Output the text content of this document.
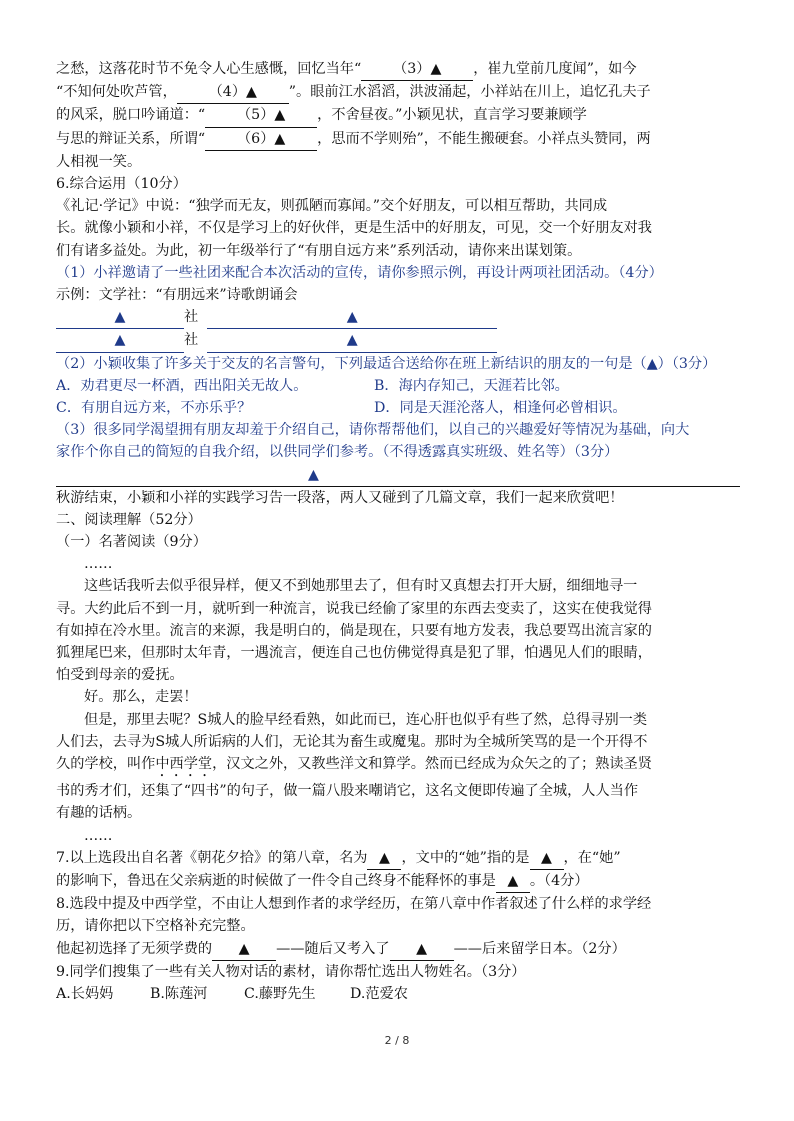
之愁，这落花时节不免令人心生感慨，回忆当年“ （3）▲ ，崔九堂前几度闻”，如今
“不知何处吹芦管， （4）▲ ”。眼前江水滔滔，洪波涌起，小祥站在川上，追忆孔夫子
的风采，脱口吟诵道：“ （5）▲ ，不舍昼夜。”小颖见状，直言学习要兼顾学
与思的辩证关系，所谓“ （6）▲ ，思而不学则殆”，不能生搬硬套。小祥点头赞同，两
人相视一笑。
6.综合运用（10分）
《礼记·学记》中说：“独学而无友，则孤陋而寡闻。”交个好朋友，可以相互帮助，共同成
长。就像小颖和小祥，不仅是学习上的好伙伴，更是生活中的好朋友，可见，交一个好朋友对我
们有诸多益处。为此，初一年级举行了“有朋自远方来”系列活动，请你来出谋划策。
（1）小祥邀请了一些社团来配合本次活动的宣传，请你参照示例，再设计两项社团活动。（4分）
示例：文学社：“有朋远来”诗歌朗诵会
▲	社	▲
▲	社	▲
（2）小颖收集了许多关于交友的名言警句，下列最适合送给你在班上新结识的朋友的一句是（▲）（3分）
A．劝君更尽一杯酒，西出阳关无故人。	B．海内存知己，天涯若比邻。
C．有朋自远方来，不亦乐乎？	D．同是天涯沦落人，相逢何必曾相识。
（3）很多同学渴望拥有朋友却羞于介绍自己，请你帮帮他们，以自己的兴趣爱好等情况为基础，向大
家作个你自己的简短的自我介绍，以供同学们参考。（不得透露真实班级、姓名等）（3分）
▲
秋游结束，小颖和小祥的实践学习告一段落，两人又碰到了几篇文章，我们一起来欣赏吧！
二、阅读理解（52分）
（一）名著阅读（9分）
……
这些话我听去似乎很异样，便又不到她那里去了，但有时又真想去打开大厨，细细地寻一
寻。大约此后不到一月，就听到一种流言，说我已经偷了家里的东西去变卖了，这实在使我觉得
有如掉在冷水里。流言的来源，我是明白的，倘是现在，只要有地方发表，我总要骂出流言家的
狐狸尾巴来，但那时太年青，一遇流言，便连自己也仿佛觉得真是犯了罪，怕遇见人们的眼睛，
怕受到母亲的爱抚。
好。那么，走罢！
但是，那里去呢？S城人的脸早经看熟，如此而已，连心肝也似乎有些了然，总得寻别一类
人们去，去寻为S城人所诟病的人们，无论其为畜生或魔鬼。那时为全城所笑骂的是一个开得不
久的学校，叫作中西学堂，汉文之外，又教些洋文和算学。然而已经成为众矢之的了；熟读圣贤
书的秀才们，还集了“四书”的句子，做一篇八股来嘲诮它，这名文便即传遍了全城，人人当作
有趣的话柄。
……
7.以上选段出自名著《朝花夕拾》的第八章，名为 ▲ ，文中的“她”指的是 ▲ ，在“她”
的影响下，鲁迅在父亲病逝的时候做了一件令自己终身不能释怀的事是 ▲ 。（4分）
8.选段中提及中西学堂，不由让人想到作者的求学经历，在第八章中作者叙述了什么样的求学经
历，请你把以下空格补充完整。
他起初选择了无须学费的 ▲ ——随后又考入了 ▲ ——后来留学日本。（2分）
9.同学们搜集了一些有关人物对话的素材，请你帮忙选出人物姓名。（3分）
A.长妈妈	B.陈莲河	C.藤野先生 D.范爱农
2 / 8
